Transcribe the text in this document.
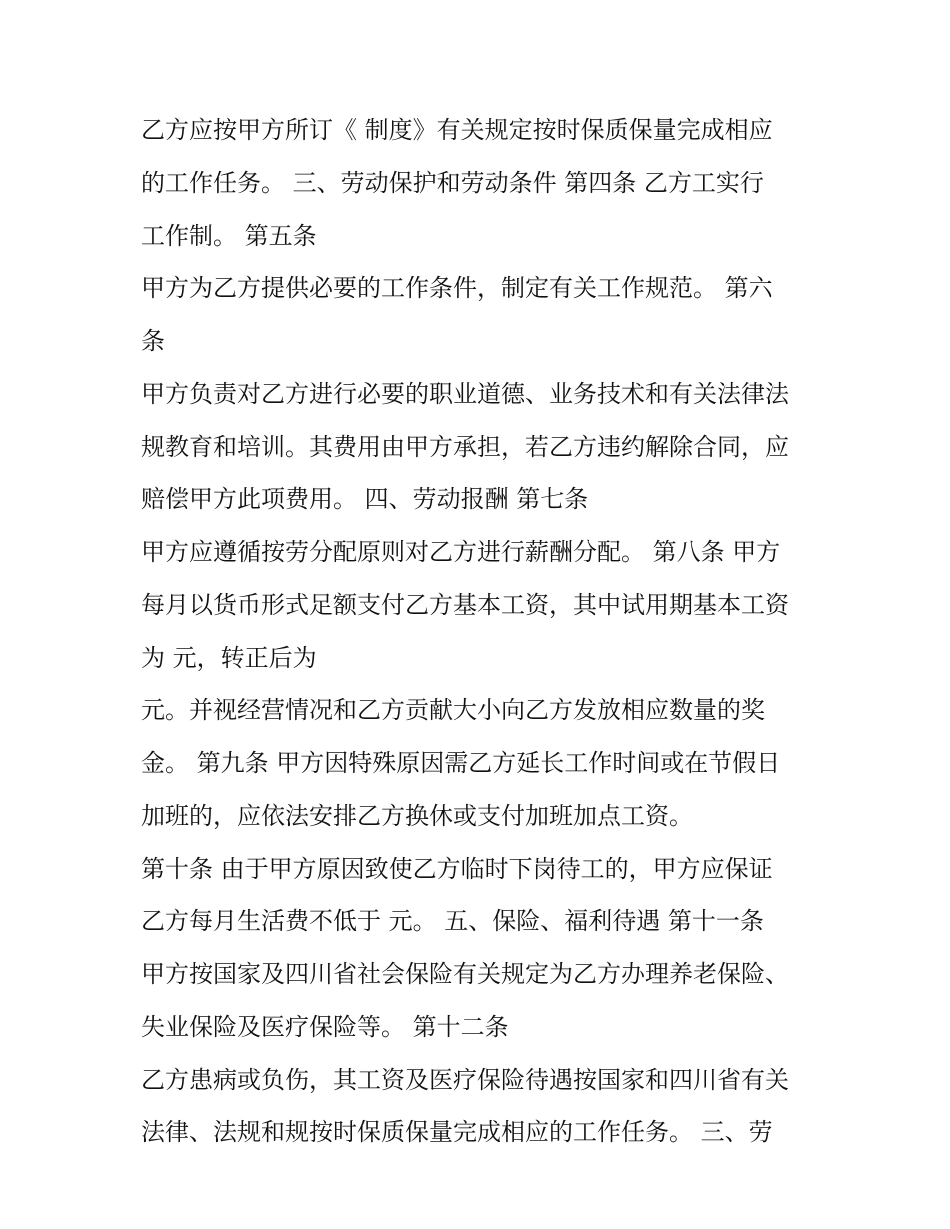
乙方应按甲方所订《 制度》有关规定按时保质保量完成相应
的工作任务。 三、劳动保护和劳动条件 第四条 乙方工实行
工作制。 第五条
甲方为乙方提供必要的工作条件，制定有关工作规范。 第六
条
甲方负责对乙方进行必要的职业道德、业务技术和有关法律法
规教育和培训。其费用由甲方承担，若乙方违约解除合同，应
赔偿甲方此项费用。 四、劳动报酬 第七条
甲方应遵循按劳分配原则对乙方进行薪酬分配。 第八条 甲方
每月以货币形式足额支付乙方基本工资，其中试用期基本工资
为 元，转正后为
元。并视经营情况和乙方贡献大小向乙方发放相应数量的奖
金。 第九条 甲方因特殊原因需乙方延长工作时间或在节假日
加班的，应依法安排乙方换休或支付加班加点工资。
第十条 由于甲方原因致使乙方临时下岗待工的，甲方应保证
乙方每月生活费不低于 元。 五、保险、福利待遇 第十一条
甲方按国家及四川省社会保险有关规定为乙方办理养老保险、
失业保险及医疗保险等。 第十二条
乙方患病或负伤，其工资及医疗保险待遇按国家和四川省有关
法律、法规和规按时保质保量完成相应的工作任务。 三、劳
